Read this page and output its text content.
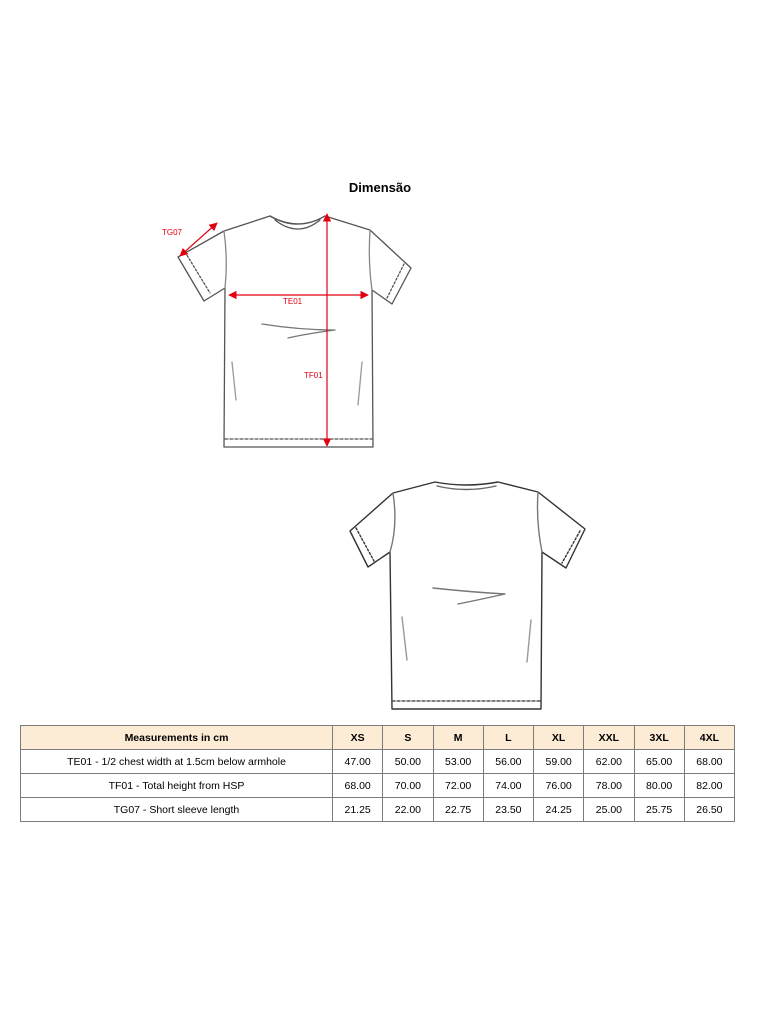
Dimensão
TG07
TE01
TF01
Measurements in cm	XS	S	M	L	XL	XXL	3XL	4XL
TE01 - 1/2 chest width at 1.5cm below armhole	47.00	50.00	53.00	56.00	59.00	62.00	65.00	68.00
TF01 - Total height from HSP	68.00	70.00	72.00	74.00	76.00	78.00	80.00	82.00
TG07 - Short sleeve length	21.25	22.00	22.75	23.50	24.25	25.00	25.75	26.50
